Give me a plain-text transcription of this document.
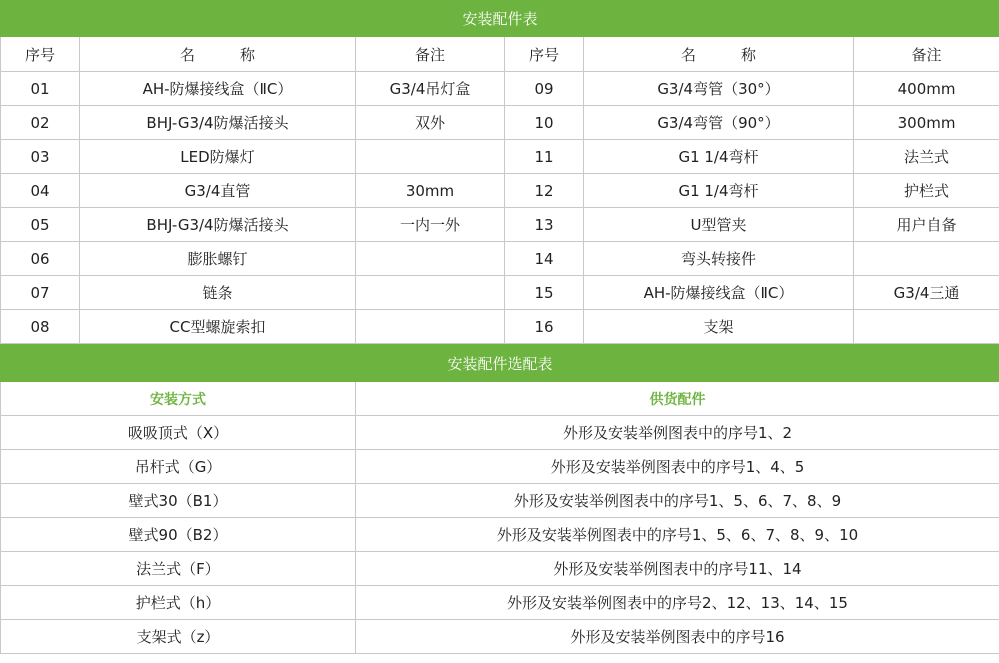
安装配件表					
序号	名　　　称	备注	序号	名　　　称	备注
01	AH-防爆接线盒（ⅡC）	G3/4吊灯盒	09	G3/4弯管（30°）	400mm
02	BHJ-G3/4防爆活接头	双外	10	G3/4弯管（90°）	300mm
03	LED防爆灯		11	G1 1/4弯杆	法兰式
04	G3/4直管	30mm	12	G1 1/4弯杆	护栏式
05	BHJ-G3/4防爆活接头	一内一外	13	U型管夹	用户自备
06	膨胀螺钉		14	弯头转接件	
07	链条		15	AH-防爆接线盒（ⅡC）	G3/4三通
08	CC型螺旋索扣		16	支架	
安装配件选配表	
安装方式	供货配件
吸吸顶式（X）	外形及安装举例图表中的序号1、2
吊杆式（G）	外形及安装举例图表中的序号1、4、5
壁式30（B1）	外形及安装举例图表中的序号1、5、6、7、8、9
壁式90（B2）	外形及安装举例图表中的序号1、5、6、7、8、9、10
法兰式（F）	外形及安装举例图表中的序号11、14
护栏式（h）	外形及安装举例图表中的序号2、12、13、14、15
支架式（z）	外形及安装举例图表中的序号16
